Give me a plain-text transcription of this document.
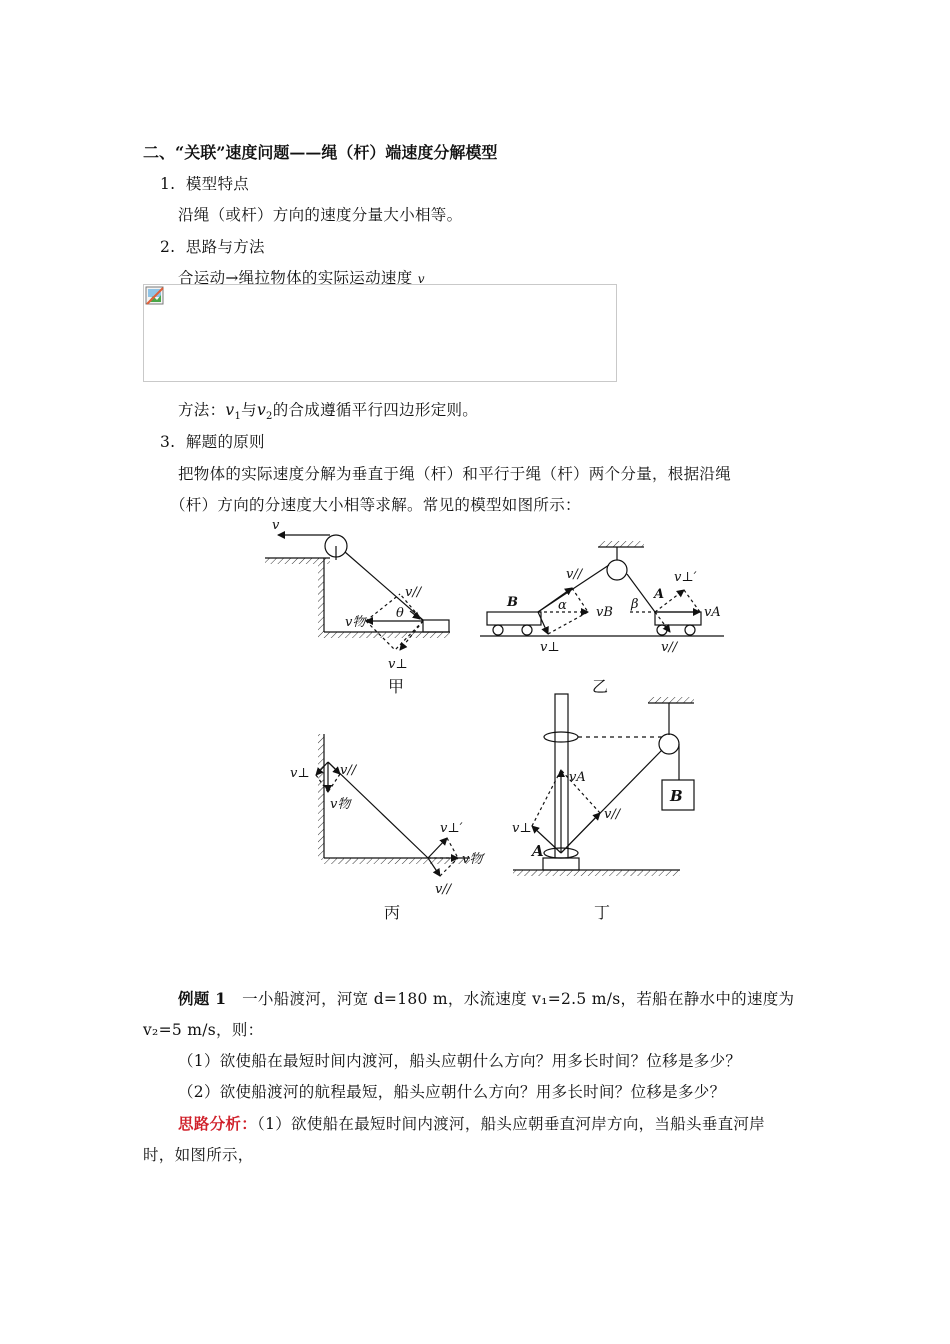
二、“关联”速度问题——绳（杆）端速度分解模型
1. 模型特点
沿绳（或杆）方向的速度分量大小相等。
2. 思路与方法
合运动→绳拉物体的实际运动速度 v
方法：$v_1$与$v_2$的合成遵循平行四边形定则。
3. 解题的原则
把物体的实际速度分解为垂直于绳（杆）和平行于绳（杆）两个分量，根据沿绳
（杆）方向的分速度大小相等求解。常见的模型如图所示：
v
v//
θ
v物
v⊥
甲
B
v//
α vB
v⊥
β
A
v⊥′
vA
v//
乙
v⊥ v//
v物
v⊥′
v物′
v//
丙
B
vA
v//
v⊥
A
丁
例题 1 一小船渡河，河宽 d=180 m，水流速度 v₁=2.5 m/s，若船在静水中的速度为
v₂=5 m/s，则：
（1）欲使船在最短时间内渡河，船头应朝什么方向？用多长时间？位移是多少？
（2）欲使船渡河的航程最短，船头应朝什么方向？用多长时间？位移是多少？
思路分析：（1）欲使船在最短时间内渡河，船头应朝垂直河岸方向，当船头垂直河岸
时，如图所示，
